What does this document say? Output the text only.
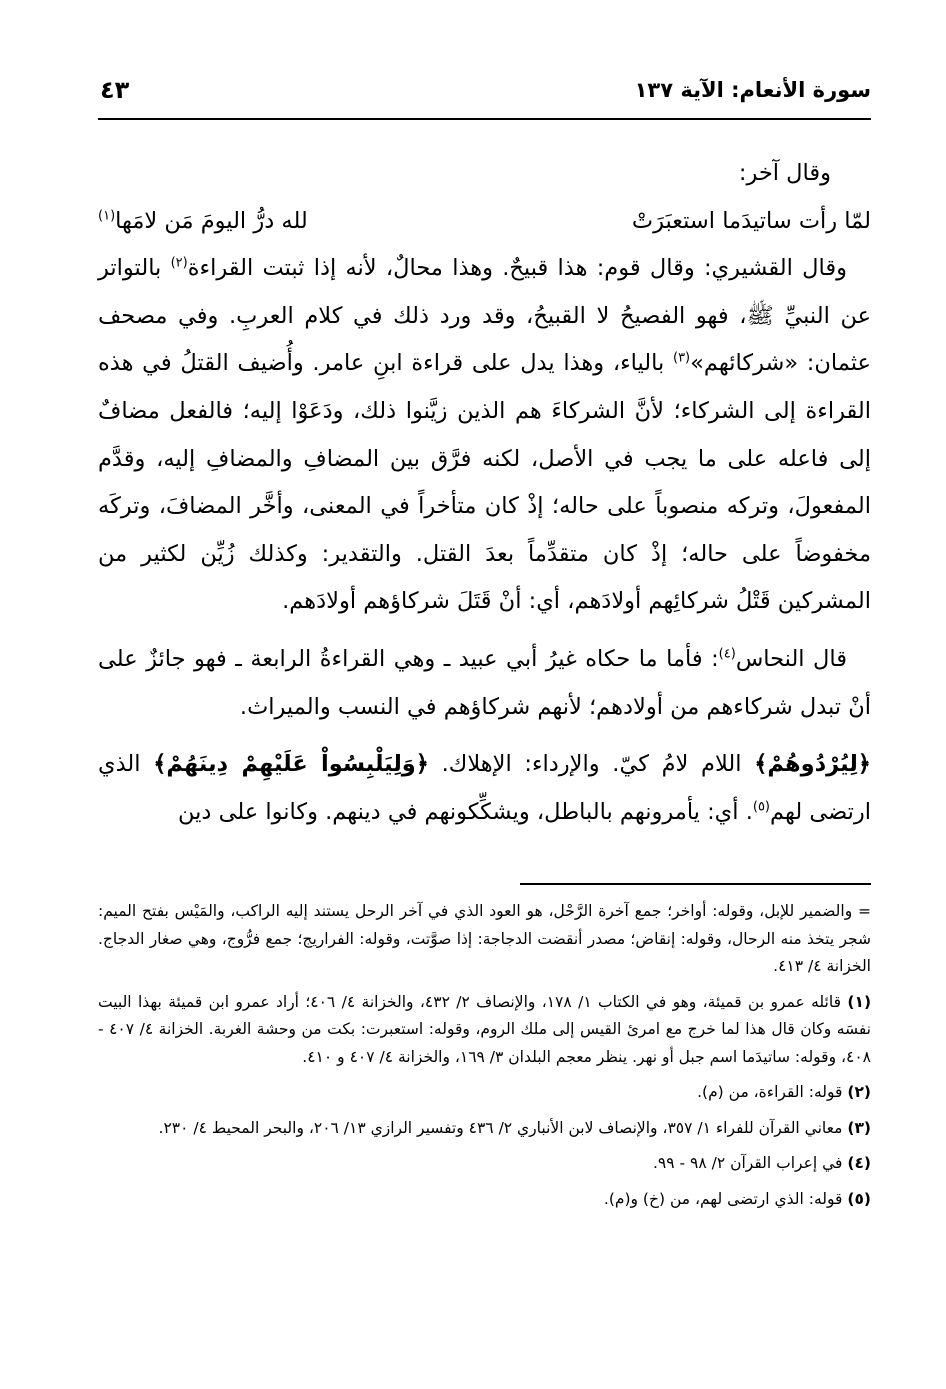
سورة الأنعام: الآية ١٣٧
٤٣

وقال آخر:

لمّا رأت ساتيدَما استعبَرَتْ
لله درُّ اليومَ مَن لامَها$^{(١)}$

وقال القشيري: وقال قوم: هذا قبيحٌ. وهذا محالٌ، لأنه إذا ثبتت القراءة$^{(٢)}$ بالتواتر عن النبيِّ ﷺ، فهو الفصيحُ لا القبيحُ، وقد ورد ذلك في كلام العربِ. وفي مصحف عثمان: «شركائهم»$^{(٣)}$ بالياء، وهذا يدل على قراءة ابنِ عامر. وأُضيف القتلُ في هذه القراءة إلى الشركاء؛ لأنَّ الشركاءَ هم الذين زيَّنوا ذلك، ودَعَوْا إليه؛ فالفعل مضافٌ إلى فاعله على ما يجب في الأصل، لكنه فرَّق بين المضافِ والمضافِ إليه، وقدَّم المفعولَ، وتركه منصوباً على حاله؛ إذْ كان متأخراً في المعنى، وأخَّر المضافَ، وتركَه مخفوضاً على حاله؛ إذْ كان متقدِّماً بعدَ القتل. والتقدير: وكذلك زُيِّن لكثير من المشركين قَتْلُ شركائِهم أولادَهم، أي: أنْ قَتَلَ شركاؤهم أولادَهم.

قال النحاس$^{(٤)}$: فأما ما حكاه غيرُ أبي عبيد ـ وهي القراءةُ الرابعة ـ فهو جائزٌ على أنْ تبدل شركاءهم من أولادهم؛ لأنهم شركاؤهم في النسب والميراث.

﴿لِيُرْدُوهُمْ﴾ اللام لامُ كيّ. والإرداء: الإهلاك. ﴿وَلِيَلْبِسُواْ عَلَيْهِمْ دِينَهُمْ﴾ الذي ارتضى لهم$^{(٥)}$. أي: يأمرونهم بالباطل، ويشكِّكونهم في دينهم. وكانوا على دين

= والضمير للإبل، وقوله: أواخر؛ جمع آخرة الرَّحْل، هو العود الذي في آخر الرحل يستند إليه الراكب، والمَيْس بفتح الميم: شجر يتخذ منه الرحال، وقوله: إنقاض؛ مصدر أنقضت الدجاجة: إذا صوَّتت، وقوله: الفراريج؛ جمع فرُّوج، وهي صغار الدجاج. الخزانة ٤/ ٤١٣.

(١) قائله عمرو بن قميئة، وهو في الكتاب ١/ ١٧٨، والإنصاف ٢/ ٤٣٢، والخزانة ٤/ ٤٠٦؛ أراد عمرو ابن قميئة بهذا البيت نفسَه وكان قال هذا لما خرج مع امرئ القيس إلى ملك الروم، وقوله: استعبرت: بكت من وحشة الغربة. الخزانة ٤/ ٤٠٧ - ٤٠٨، وقوله: ساتيدَما اسم جبل أو نهر. ينظر معجم البلدان ٣/ ١٦٩، والخزانة ٤/ ٤٠٧ و ٤١٠.

(٢) قوله: القراءة، من (م).

(٣) معاني القرآن للفراء ١/ ٣٥٧، والإنصاف لابن الأنباري ٢/ ٤٣٦ وتفسير الرازي ١٣/ ٢٠٦، والبحر المحيط ٤/ ٢٣٠.

(٤) في إعراب القرآن ٢/ ٩٨ - ٩٩.

(٥) قوله: الذي ارتضى لهم، من (خ) و(م).
